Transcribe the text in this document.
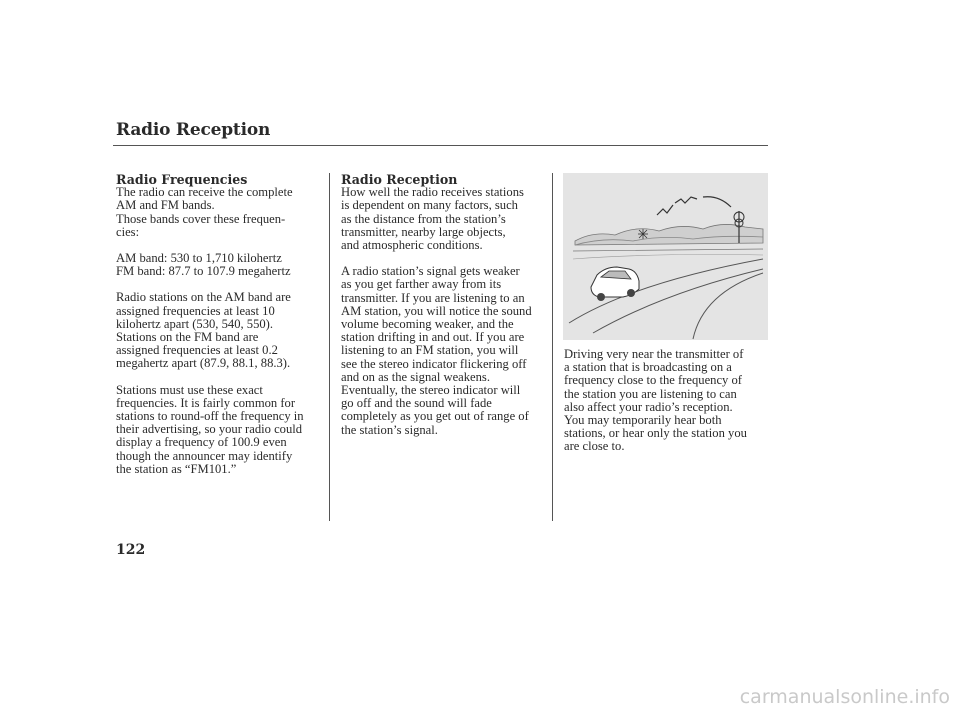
Radio Reception
Radio Frequencies

The radio can receive the complete
AM and FM bands.
Those bands cover these frequen-
cies:

AM band: 530 to 1,710 kilohertz
FM band: 87.7 to 107.9 megahertz

Radio stations on the AM band are
assigned frequencies at least 10
kilohertz apart (530, 540, 550).
Stations on the FM band are
assigned frequencies at least 0.2
megahertz apart (87.9, 88.1, 88.3).

Stations must use these exact
frequencies. It is fairly common for
stations to round-off the frequency in
their advertising, so your radio could
display a frequency of 100.9 even
though the announcer may identify
the station as “FM101.”

Radio Reception

How well the radio receives stations
is dependent on many factors, such
as the distance from the station’s
transmitter, nearby large objects,
and atmospheric conditions.

A radio station’s signal gets weaker
as you get farther away from its
transmitter. If you are listening to an
AM station, you will notice the sound
volume becoming weaker, and the
station drifting in and out. If you are
listening to an FM station, you will
see the stereo indicator flickering off
and on as the signal weakens.
Eventually, the stereo indicator will
go off and the sound will fade
completely as you get out of range of
the station’s signal.

Driving very near the transmitter of
a station that is broadcasting on a
frequency close to the frequency of
the station you are listening to can
also affect your radio’s reception.
You may temporarily hear both
stations, or hear only the station you
are close to.

122
carmanualsonline.info
